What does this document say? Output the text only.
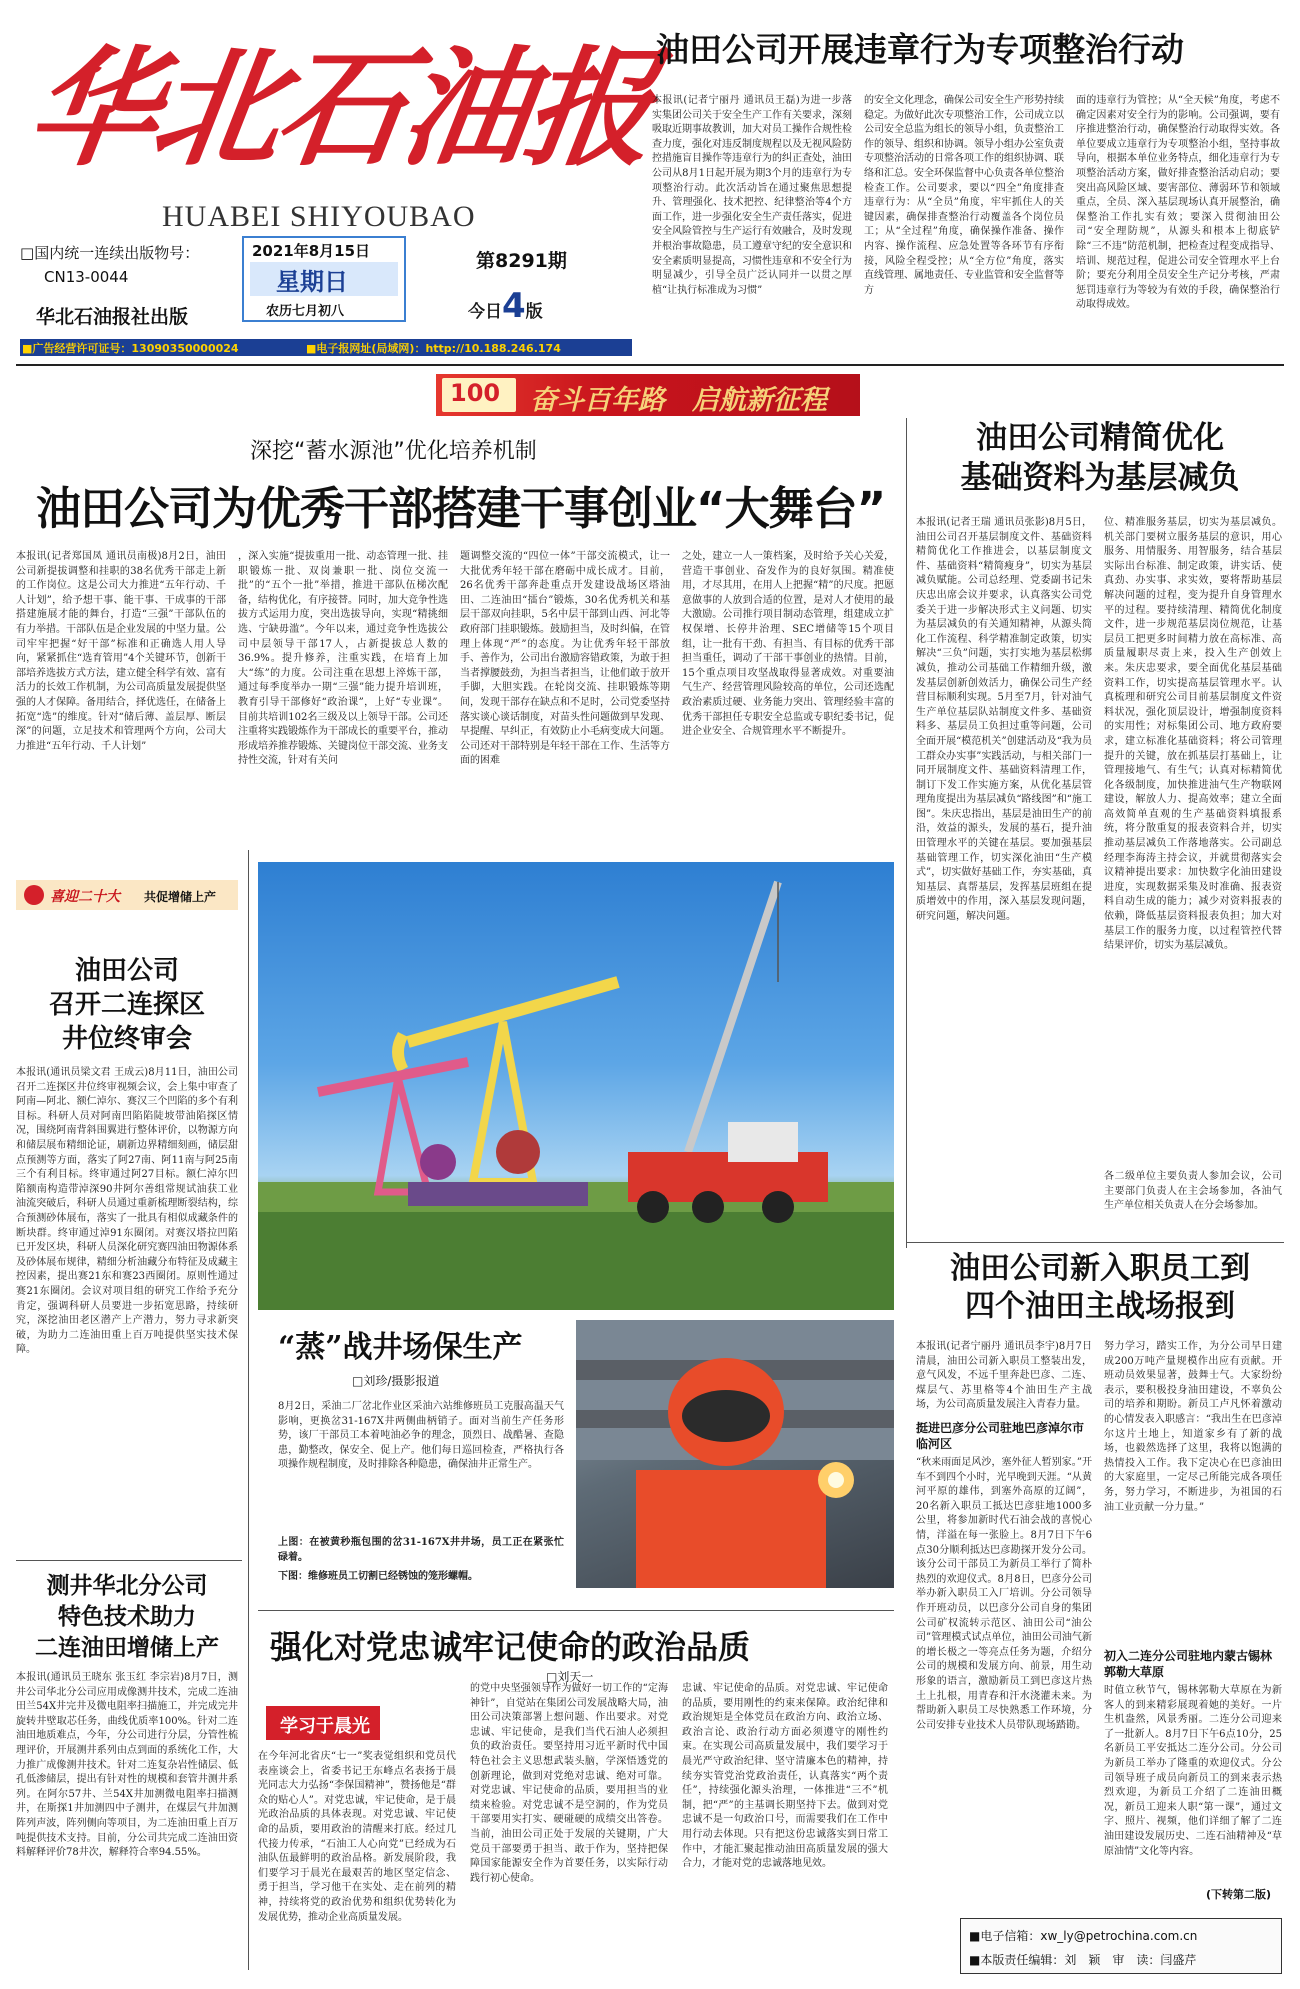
华北石油报
HUABEI SHIYOUBAO
□国内统一连续出版物号：
CN13-0044
华北石油报社出版
2021年8月15日
星期日
农历七月初八
第8291期
今日4版
■广告经营许可证号：13090350000024	■电子报网址(局域网)：http://10.188.246.174
油田公司开展违章行为专项整治行动
本报讯(记者宁丽丹 通讯员王磊)为进一步落实集团公司关于安全生产工作有关要求，深刻吸取近期事故教训，加大对员工操作合规性检查力度，强化对违反制度规程以及无视风险防控措施盲目操作等违章行为的纠正查处，油田公司从8月1日起开展为期3个月的违章行为专项整治行动。此次活动旨在通过聚焦思想提升、管理强化、技术把控、纪律整治等4个方面工作，进一步强化安全生产责任落实，促进安全风险管控与生产运行有效融合，及时发现并根治事故隐患，员工遵章守纪的安全意识和安全素质明显提高，习惯性违章和不安全行为明显减少，引导全员广泛认同并一以贯之厚植“让执行标准成为习惯”
的安全文化理念，确保公司安全生产形势持续稳定。为做好此次专项整治工作，公司成立以公司安全总监为组长的领导小组，负责整治工作的领导、组织和协调。领导小组办公室负责专项整治活动的日常各项工作的组织协调、联络和汇总。安全环保监督中心负责各单位整治检查工作。公司要求，要以“四全”角度排查违章行为：从“全员”角度，牢牢抓住人的关键因素，确保排查整治行动覆盖各个岗位员工；从“全过程”角度，确保操作准备、操作内容、操作流程、应急处置等各环节有序衔接，风险全程受控；从“全方位”角度，落实直线管理、属地责任、专业监管和安全监督等方
面的违章行为管控；从“全天候”角度，考虑不确定因素对安全行为的影响。公司强调，要有序推进整治行动，确保整治行动取得实效。各单位要成立违章行为专项整治小组，坚持事故导向，根据本单位业务特点，细化违章行为专项整治活动方案，做好排查整治活动启动；要突出高风险区域、要害部位、薄弱环节和领域重点，全员、深入基层现场认真开展整治，确保整治工作扎实有效；要深入贯彻油田公司“安全理防规”，从源头和根本上彻底铲除“三不违”防范机制，把检查过程变成指导、培训、规范过程，促进公司安全管理水平上台阶；要充分利用全员安全生产记分考核，严肃惩罚违章行为等较为有效的手段，确保整治行动取得成效。
100 奋斗百年路　启航新征程
深挖“蓄水源池”优化培养机制
油田公司为优秀干部搭建干事创业“大舞台”
本报讯(记者郑国凤 通讯员南极)8月2日，油田公司新提拔调整和挂职的38名优秀干部走上新的工作岗位。这是公司大力推进“五年行动、千人计划”，给予想干事、能干事、干成事的干部搭建施展才能的舞台，打造“三强”干部队伍的有力举措。干部队伍是企业发展的中坚力量。公司牢牢把握“好干部”标准和正确选人用人导向，紧紧抓住“选育管用”4个关键环节，创新干部培养选拔方式方法，建立健全科学有效、富有活力的长效工作机制，为公司高质量发展提供坚强的人才保障。备用结合，择优选任，在储备上拓宽“选”的维度。针对“储后薄、盖层厚、断层深”的问题，立足技术和管理两个方向，公司大力推进“五年行动、千人计划”
，深入实施“提拔重用一批、动态管理一批、挂职锻炼一批、双岗兼职一批、岗位交流一批”的“五个一批”举措，推进干部队伍梯次配备，结构优化，有序接替。同时，加大竞争性选拔方式运用力度，突出选拔导向，实现“精挑细选、宁缺毋滥”。今年以来，通过竞争性选拔公司中层领导干部17人，占新提拔总人数的36.9%。提升修养，注重实践，在培育上加大“练”的力度。公司注重在思想上淬炼干部，通过每季度举办一期“三强”能力提升培训班，教育引导干部修好“政治课”，上好“专业课”。目前共培训102名三级及以上领导干部。公司还注重将实践锻炼作为干部成长的重要平台，推动形成培养推荐锻炼、关键岗位干部交流、业务支持性交流，针对有关问
题调整交流的“四位一体”干部交流模式，让一大批优秀年轻干部在磨砺中成长成才。目前，26名优秀干部奔赴重点开发建设战场区塔油田、二连油田“擂台”锻炼，30名优秀机关和基层干部双向挂职，5名中层干部到山西、河北等政府部门挂职锻炼。鼓励担当，及时纠偏，在管理上体现“严”的态度。为让优秀年轻干部放手、善作为，公司出台激励容错政策，为敢于担当者撑腰鼓劲，为担当者担当，让他们敢于放开手脚，大胆实践。在轮岗交流、挂职锻炼等期间，发现干部存在缺点和不足时，公司党委坚持落实谈心谈话制度，对苗头性问题做到早发现、早提醒、早纠正，有效防止小毛病变成大问题。公司还对干部特别是年轻干部在工作、生活等方面的困难
之处，建立一人一策档案，及时给予关心关爱，营造干事创业、奋发作为的良好氛围。精准使用，才尽其用，在用人上把握“精”的尺度。把愿意做事的人放到合适的位置，是对人才使用的最大激励。公司推行项目制动态管理，组建成立扩权保增、长停井治理、SEC增储等15个项目组，让一批有干劲、有担当、有目标的优秀干部担当重任，调动了干部干事创业的热情。目前，15个重点项目攻坚战取得显著成效。对重要油气生产、经营管理风险较高的单位，公司还选配政治素质过硬、业务能力突出、管理经验丰富的优秀干部担任专职安全总监或专职纪委书记，促进企业安全、合规管理水平不断提升。
喜迎二十大 共促增储上产
油田公司
召开二连探区
井位终审会
本报讯(通讯员梁文君 王成云)8月11日，油田公司召开二连探区井位终审视频会议，会上集中审查了阿南—阿北、额仁淖尔、赛汉三个凹陷的多个有利目标。科研人员对阿南凹陷陷陡坡带油陷探区情况，围绕阿南背斜围翼进行整体评价，以物源方向和储层展布精细论证，刷新边界精细刻画，储层甜点预测等方面，落实了阿27南、阿11南与阿25南三个有利目标。终审通过阿27目标。额仁淖尔凹陷额南构造带淖深90井阿尔善组常规试油获工业油流突破后，科研人员通过重新梳理断裂结构，综合预测砂体展布，落实了一批具有相似成藏条件的断块群。终审通过淖91东圈闭。对赛汉塔拉凹陷已开发区块，科研人员深化研究赛四油田物源体系及砂体展布规律，精细分析油藏分布特征及成藏主控因素，提出赛21东和赛23西圈闭。原则性通过赛21东圈闭。会议对项目组的研究工作给予充分肯定，强调科研人员要进一步拓宽思路，持续研究，深挖油田老区潜产上产潜力，努力寻求新突破，为助力二连油田重上百万吨提供坚实技术保障。
测井华北分公司
特色技术助力
二连油田增储上产
本报讯(通讯员王晓东 张玉红 李宗岩)8月7日，测井公司华北分公司应用成像测井技术，完成二连油田兰54X井完井及微电阻率扫描施工，并完成完井旋转井壁取芯任务，曲线优质率100%。针对二连油田地质难点，今年，分公司进行分层，分管性梳理评价，开展测井系列由点到面的系统化工作，大力推广成像测井技术。针对二连复杂岩性储层、低孔低渗储层，提出有针对性的规模和套管井测井系列。在阿尔57井、兰54X井加测微电阻率扫描测井，在斯探1井加测四中子测井，在煤层气井加测阵列声波，阵列侧向等项目，为二连油田重上百万吨提供技术支持。目前，分公司共完成二连油田资料解释评价78井次，解释符合率94.55%。
“蒸”战井场保生产
□刘珍/摄影报道
8月2日，采油二厂岔北作业区采油六站维修班员工克服高温天气影响，更换岔31-167X井两侧曲柄销子。面对当前生产任务形势，该厂干部员工本着吨油必争的理念，顶烈日、战酷暑、查隐患，勤整改，保安全、促上产。他们每日巡回检查，严格执行各项操作规程制度，及时排除各种隐患，确保油井正常生产。
上图：在被黄秒瓶包围的岔31-167X井井场，员工正在紧张忙碌着。
下图：维修班员工切割已经锈蚀的笼形螺帽。
强化对党忠诚牢记使命的政治品质
□刘天一
学习于晨光
在今年河北省庆“七一”奖表觉组织和党员代表座谈会上，省委书记王东峰点名表扬于晨光同志大力弘扬“李保国精神”，赞扬他是“群众的贴心人”。对党忠诚，牢记使命，是于晨光政治品质的具体表现。对党忠诚、牢记使命的品质，要用政治的清醒来打底。经过几代接力传承，“石油工人心向党”已经成为石油队伍最鲜明的政治品格。新发展阶段，我们要学习于晨光在最艰苦的地区坚定信念、勇于担当，学习他干在实处、走在前列的精神，持续将党的政治优势和组织优势转化为发展优势，推动企业高质量发展。
的党中央坚强领导作为做好一切工作的“定海神针”，自觉站在集团公司发展战略大局，油田公司决策部署上想问题、作出要求。对党忠诚、牢记使命，是我们当代石油人必须担负的政治责任。要坚持用习近平新时代中国特色社会主义思想武装头脑，学深悟透党的创新理论，做到对党绝对忠诚、绝对可靠。对党忠诚、牢记使命的品质，要用担当的业绩来检验。对党忠诚不是空洞的，作为党员干部要用实打实、硬碰硬的成绩交出答卷。当前，油田公司正处于发展的关键期，广大党员干部要勇于担当、敢于作为，坚持把保障国家能源安全作为首要任务，以实际行动践行初心使命。
忠诚、牢记使命的品质。对党忠诚、牢记使命的品质，要用刚性的约束来保障。政治纪律和政治规矩是全体党员在政治方向、政治立场、政治言论、政治行动方面必须遵守的刚性约束。在实现公司高质量发展中，我们要学习于晨光严守政治纪律、坚守清廉本色的精神，持续夯实管党治党政治责任，认真落实“两个责任”，持续强化源头治理，一体推进“三不”机制，把“严”的主基调长期坚持下去。做到对党忠诚不是一句政治口号，而需要我们在工作中用行动去体现。只有把这份忠诚落实到日常工作中，才能汇聚起推动油田高质量发展的强大合力，才能对党的忠诚落地见效。
油田公司精简优化
基础资料为基层减负
本报讯(记者王瑞 通讯员张影)8月5日，油田公司召开基层制度文件、基础资料精简优化工作推进会，以基层制度文件、基础资料“精简瘦身”，切实为基层减负赋能。公司总经理、党委副书记朱庆忠出席会议并要求，认真落实公司党委关于进一步解决形式主义问题、切实为基层减负的有关通知精神，从源头简化工作流程、科学精准制定政策，切实解决“三负”问题，实打实地为基层松绑减负，推动公司基础工作精细升级，激发基层创新创效活力，确保公司生产经营目标顺利实现。5月至7月，针对油气生产单位基层队站制度文件多、基础资料多、基层员工负担过重等问题，公司全面开展“模范机关”创建活动及“我为员工群众办实事”实践活动，与相关部门一同开展制度文件、基础资料清理工作，制订下发工作实施方案，从优化基层管理角度提出为基层减负“路线图”和“施工图”。朱庆忠指出，基层是油田生产的前沿，效益的源头，发展的基石，提升油田管理水平的关键在基层。要加强基层基础管理工作，切实深化油田“生产模式”，切实做好基础工作，夯实基础，真知基层、真帮基层，发挥基层班组在提质增效中的作用，深入基层发现问题，研究问题，解决问题。
位、精准服务基层，切实为基层减负。机关部门要树立服务基层的意识，用心服务、用情服务、用智服务，结合基层实际出台标准、制定政策，讲实话、使真劲、办实事、求实效，要将帮助基层解决问题的过程，变为提升自身管理水平的过程。要持续清理、精简优化制度文件，进一步规范基层岗位规范，让基层员工把更多时间精力放在高标准、高质量履职尽责上来，投入生产创效上来。朱庆忠要求，要全面优化基层基础资料工作，切实提高基层管理水平。认真梳理和研究公司目前基层制度文件资料状况，强化顶层设计，增强制度资料的实用性；对标集团公司、地方政府要求，建立标准化基础资料；将公司管理提升的关键，放在抓基层打基础上，让管理接地气、有生气；认真对标精简优化各级制度，加快推进油气生产物联网建设，解放人力、提高效率；建立全面高效简单直观的生产基础资料填报系统，将分散重复的报表资料合并，切实推动基层减负工作落地落实。公司副总经理李海涛主持会议，并就贯彻落实会议精神提出要求：加快数字化油田建设进度，实现数据采集及时准确、报表资料自动生成的能力；减少对资料报表的依赖，降低基层资料报表负担；加大对基层工作的服务力度，以过程管控代替结果评价，切实为基层减负。
各二级单位主要负责人参加会议，公司主要部门负责人在主会场参加，各油气生产单位相关负责人在分会场参加。
油田公司新入职员工到
四个油田主战场报到
本报讯(记者宁丽丹 通讯员李宇)8月7日清晨，油田公司新入职员工整装出发，意气风发，不远千里奔赴巴彦、二连、煤层气、苏里格等4个油田生产主战场，为公司高质量发展注入青春力量。
挺进巴彦分公司驻地巴彦淖尔市临河区
“秋来雨面足风沙，塞外征人暂别家。”开车不到四个小时，光早晚到天涯。“从黄河平原的雄伟，到塞外高原的辽阔”，20名新入职员工抵达巴彦驻地1000多公里，将参加新时代石油会战的喜悦心情，洋溢在每一张脸上。8月7日下午6点30分顺利抵达巴彦勘探开发分公司。该分公司干部员工为新员工举行了简朴热烈的欢迎仪式。8月8日，巴彦分公司举办新入职员工入厂培训。分公司领导作开班动员，以巴彦分公司自身的集团公司矿权流转示范区、油田公司“油公司”管理模式试点单位，油田公司油气新的增长极之一等亮点任务为题，介绍分公司的规模和发展方向、前景，用生动形象的语言，激励新员工到巴彦这片热土上扎根，用青春和汗水浇灌未来。为帮助新入职员工尽快熟悉工作环境，分公司安排专业技术人员带队现场踏勘。
努力学习，踏实工作，为分公司早日建成200万吨产量规模作出应有贡献。开班动员效果显著，鼓舞士气。大家纷纷表示，要积极投身油田建设，不辜负公司的培养和期盼。新员工卢凡怀着激动的心情发表入职感言：“我出生在巴彦淖尔这片土地上，知道家乡有了新的战场，也毅然选择了这里，我将以饱满的热情投入工作。我下定决心在巴彦油田的大家庭里，一定尽己所能完成各项任务，努力学习，不断进步，为祖国的石油工业贡献一分力量。”
初入二连分公司驻地内蒙古锡林郭勒大草原
时值立秋节气，锡林郭勒大草原在为新客人的到来精彩展现着她的美好。一片生机盎然，风景秀丽。二连分公司迎来了一批新人。8月7日下午6点10分，25名新员工平安抵达二连分公司。分公司为新员工举办了隆重的欢迎仪式。分公司领导班子成员向新员工的到来表示热烈欢迎，为新员工介绍了二连油田概况，新员工迎来人职“第一课”，通过文字、照片、视频，他们详细了解了二连油田建设发展历史、二连石油精神及“草原油情”文化等内容。
(下转第二版)
■电子信箱：xw_ly@petrochina.com.cn
■本版责任编辑：刘　颖　审　读：闫盛芹
